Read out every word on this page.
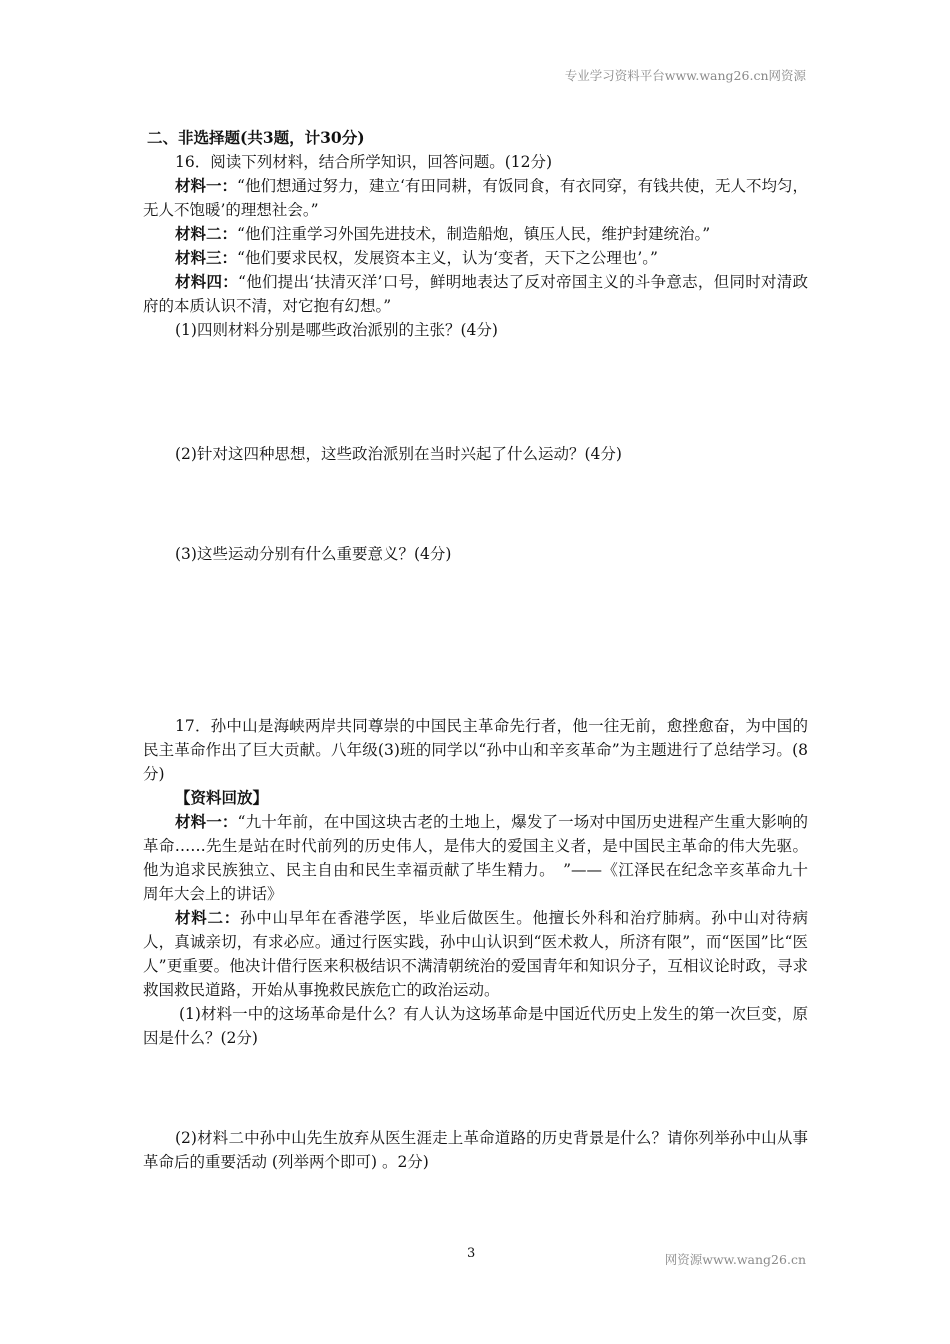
专业学习资料平台www.wang26.cn网资源

二、非选择题(共3题，计30分)

16．阅读下列材料，结合所学知识，回答问题。(12分)

材料一：“他们想通过努力，建立‘有田同耕，有饭同食，有衣同穿，有钱共使，无人不均匀，无人不饱暖’的理想社会。”

材料二：“他们注重学习外国先进技术，制造船炮，镇压人民，维护封建统治。”

材料三：“他们要求民权，发展资本主义，认为‘变者，天下之公理也’。”

材料四：“他们提出‘扶清灭洋’口号，鲜明地表达了反对帝国主义的斗争意志，但同时对清政府的本质认识不清，对它抱有幻想。”

(1)四则材料分别是哪些政治派别的主张？(4分)

(2)针对这四种思想，这些政治派别在当时兴起了什么运动？(4分)

(3)这些运动分别有什么重要意义？(4分)

17．孙中山是海峡两岸共同尊崇的中国民主革命先行者，他一往无前，愈挫愈奋，为中国的民主革命作出了巨大贡献。八年级(3)班的同学以“孙中山和辛亥革命”为主题进行了总结学习。(8分)

【资料回放】

材料一：“九十年前，在中国这块古老的土地上，爆发了一场对中国历史进程产生重大影响的革命……先生是站在时代前列的历史伟人，是伟大的爱国主义者，是中国民主革命的伟大先驱。他为追求民族独立、民主自由和民生幸福贡献了毕生精力。　”——《江泽民在纪念辛亥革命九十周年大会上的讲话》

材料二：孙中山早年在香港学医，毕业后做医生。他擅长外科和治疗肺病。孙中山对待病人，真诚亲切，有求必应。通过行医实践，孙中山认识到“医术救人，所济有限”，而“医国”比“医人”更重要。他决计借行医来积极结识不满清朝统治的爱国青年和知识分子，互相议论时政，寻求救国救民道路，开始从事挽救民族危亡的政治运动。

(1)材料一中的这场革命是什么？有人认为这场革命是中国近代历史上发生的第一次巨变，原因是什么？(2分)

(2)材料二中孙中山先生放弃从医生涯走上革命道路的历史背景是什么？请你列举孙中山从事革命后的重要活动 (列举两个即可) 。2分)

3	网资源www.wang26.cn
